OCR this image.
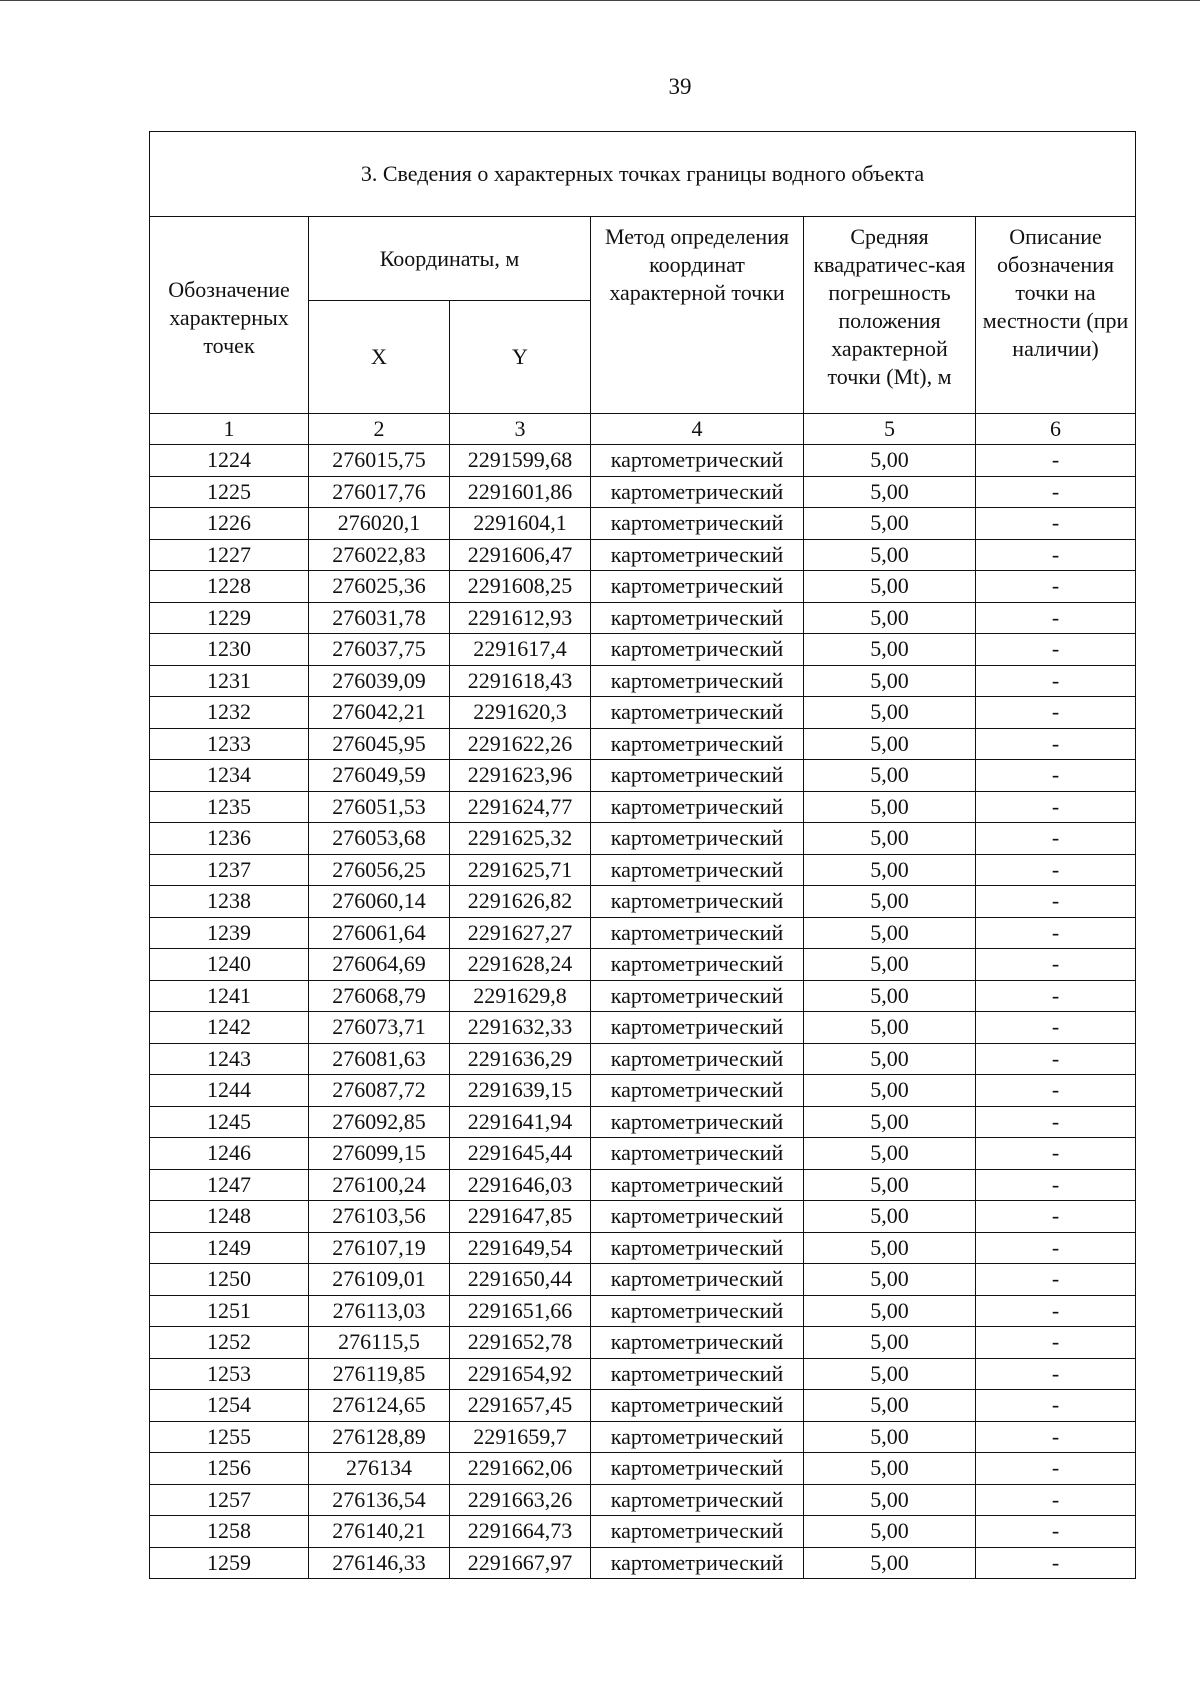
39
3. Сведения о характерных точках границы водного объекта					
Обозначение характерных точек	Координаты, м		Метод определения координат характерной точки	Средняя квадратичес-кая погрешность положения характерной точки (Mt), м	Описание обозначения точки на местности (при наличии)
	X	Y			
1	2	3	4	5	6
1224	276015,75	2291599,68	картометрический	5,00	-
1225	276017,76	2291601,86	картометрический	5,00	-
1226	276020,1	2291604,1	картометрический	5,00	-
1227	276022,83	2291606,47	картометрический	5,00	-
1228	276025,36	2291608,25	картометрический	5,00	-
1229	276031,78	2291612,93	картометрический	5,00	-
1230	276037,75	2291617,4	картометрический	5,00	-
1231	276039,09	2291618,43	картометрический	5,00	-
1232	276042,21	2291620,3	картометрический	5,00	-
1233	276045,95	2291622,26	картометрический	5,00	-
1234	276049,59	2291623,96	картометрический	5,00	-
1235	276051,53	2291624,77	картометрический	5,00	-
1236	276053,68	2291625,32	картометрический	5,00	-
1237	276056,25	2291625,71	картометрический	5,00	-
1238	276060,14	2291626,82	картометрический	5,00	-
1239	276061,64	2291627,27	картометрический	5,00	-
1240	276064,69	2291628,24	картометрический	5,00	-
1241	276068,79	2291629,8	картометрический	5,00	-
1242	276073,71	2291632,33	картометрический	5,00	-
1243	276081,63	2291636,29	картометрический	5,00	-
1244	276087,72	2291639,15	картометрический	5,00	-
1245	276092,85	2291641,94	картометрический	5,00	-
1246	276099,15	2291645,44	картометрический	5,00	-
1247	276100,24	2291646,03	картометрический	5,00	-
1248	276103,56	2291647,85	картометрический	5,00	-
1249	276107,19	2291649,54	картометрический	5,00	-
1250	276109,01	2291650,44	картометрический	5,00	-
1251	276113,03	2291651,66	картометрический	5,00	-
1252	276115,5	2291652,78	картометрический	5,00	-
1253	276119,85	2291654,92	картометрический	5,00	-
1254	276124,65	2291657,45	картометрический	5,00	-
1255	276128,89	2291659,7	картометрический	5,00	-
1256	276134	2291662,06	картометрический	5,00	-
1257	276136,54	2291663,26	картометрический	5,00	-
1258	276140,21	2291664,73	картометрический	5,00	-
1259	276146,33	2291667,97	картометрический	5,00	-
